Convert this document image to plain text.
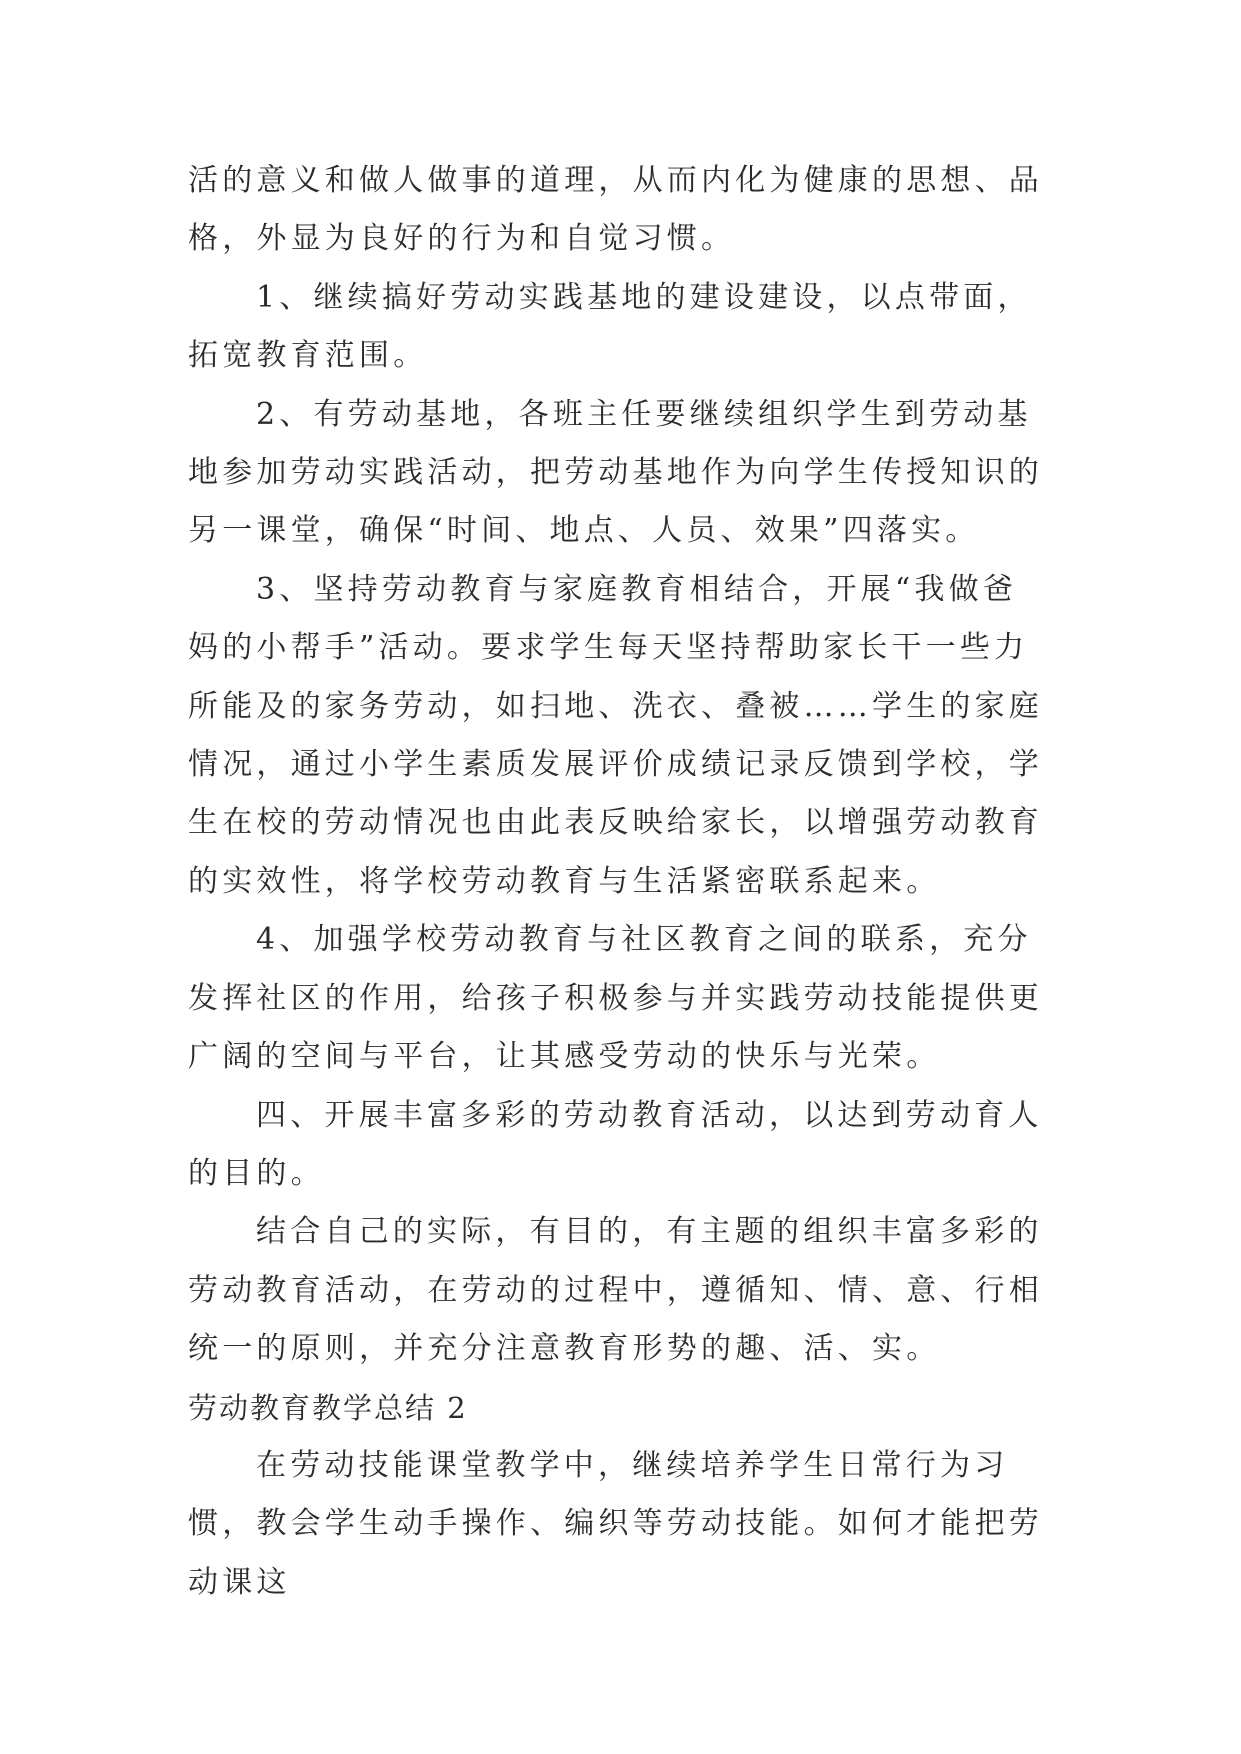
活的意义和做人做事的道理，从而内化为健康的思想、品格，外显为良好的行为和自觉习惯。

1、继续搞好劳动实践基地的建设建设，以点带面，拓宽教育范围。

2、有劳动基地，各班主任要继续组织学生到劳动基地参加劳动实践活动，把劳动基地作为向学生传授知识的另一课堂，确保“时间、地点、人员、效果”四落实。

3、坚持劳动教育与家庭教育相结合，开展“我做爸妈的小帮手”活动。要求学生每天坚持帮助家长干一些力所能及的家务劳动，如扫地、洗衣、叠被……学生的家庭情况，通过小学生素质发展评价成绩记录反馈到学校，学生在校的劳动情况也由此表反映给家长，以增强劳动教育的实效性，将学校劳动教育与生活紧密联系起来。

4、加强学校劳动教育与社区教育之间的联系，充分发挥社区的作用，给孩子积极参与并实践劳动技能提供更广阔的空间与平台，让其感受劳动的快乐与光荣。

四、开展丰富多彩的劳动教育活动，以达到劳动育人的目的。

结合自己的实际，有目的，有主题的组织丰富多彩的劳动教育活动，在劳动的过程中，遵循知、情、意、行相统一的原则，并充分注意教育形势的趣、活、实。

劳动教育教学总结 2

在劳动技能课堂教学中，继续培养学生日常行为习惯，教会学生动手操作、编织等劳动技能。如何才能把劳动课这
